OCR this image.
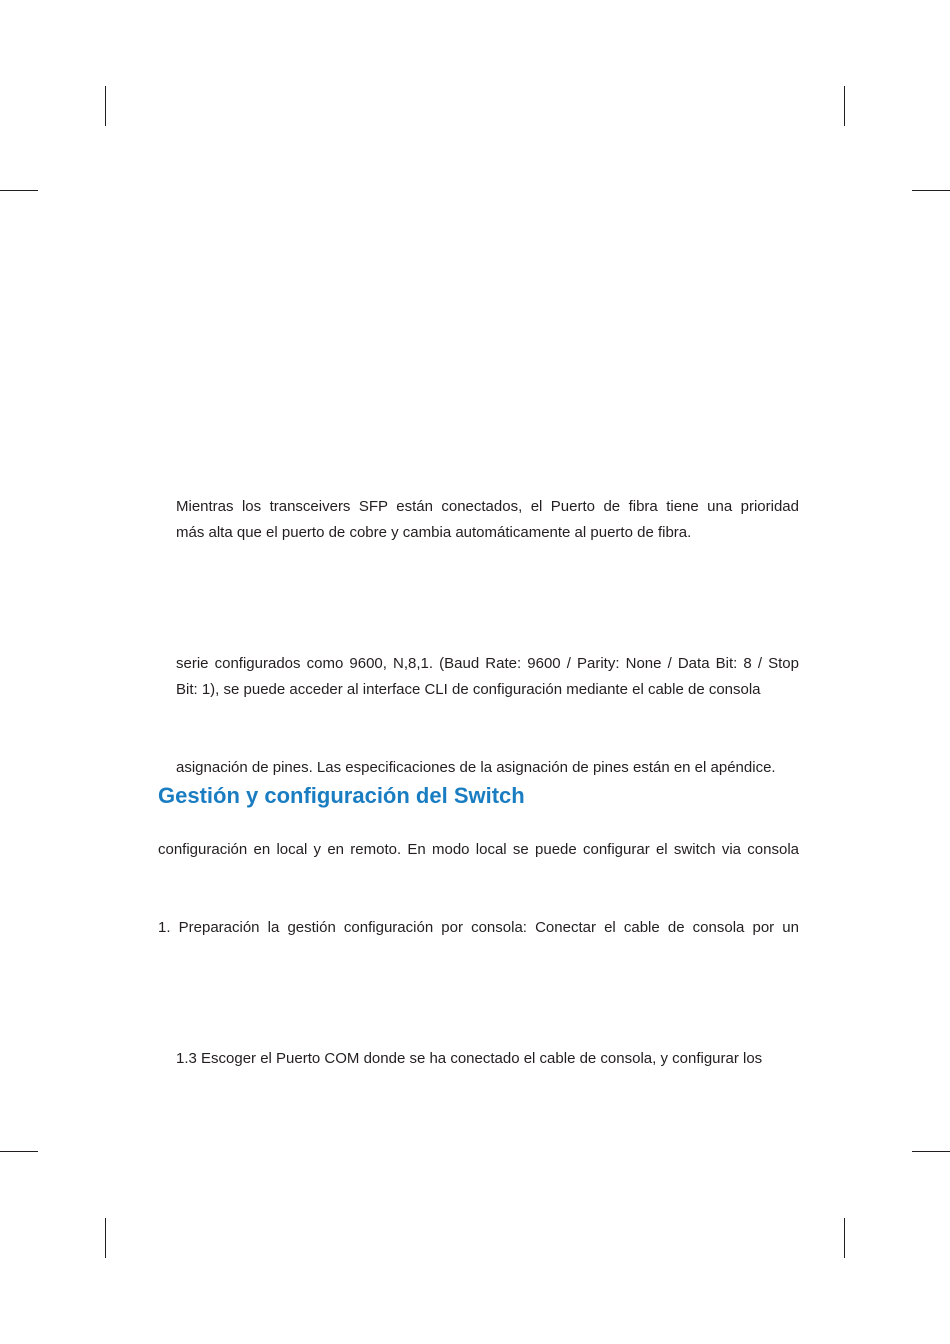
Mientras los transceivers SFP están conectados, el Puerto de fibra tiene una prioridad
más alta que el puerto de cobre y cambia automáticamente al puerto de fibra.
serie configurados como 9600, N,8,1. (Baud Rate: 9600 / Parity: None / Data Bit: 8 / Stop
Bit: 1), se puede acceder al interface CLI de configuración mediante el cable de consola
asignación de pines. Las especificaciones de la asignación de pines están en el apéndice.
Gestión y configuración del Switch
configuración en local y en remoto. En modo local se puede configurar el switch via consola
1. Preparación la gestión configuración por consola: Conectar el cable de consola por un
1.3 Escoger el Puerto COM donde se ha conectado el cable de consola, y configurar los
